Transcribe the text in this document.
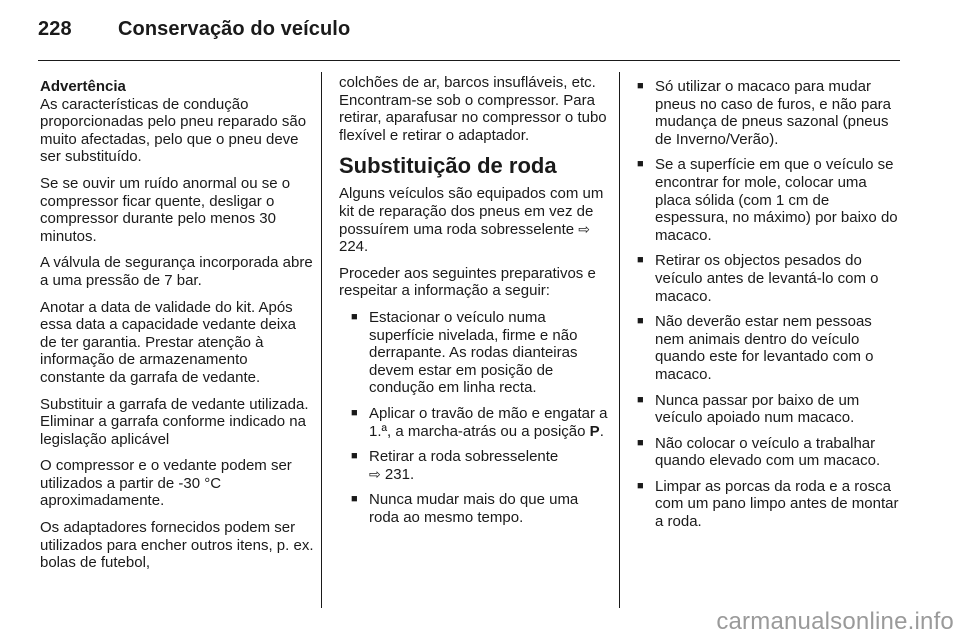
228 Conservação do veículo

Advertência
As características de condução proporcionadas pelo pneu reparado são muito afectadas, pelo que o pneu deve ser substituído.

Se se ouvir um ruído anormal ou se o compressor ficar quente, desligar o compressor durante pelo menos 30 minutos.

A válvula de segurança incorporada abre a uma pressão de 7 bar.

Anotar a data de validade do kit. Após essa data a capacidade vedante deixa de ter garantia. Prestar atenção à informação de armazenamento constante da garrafa de vedante.

Substituir a garrafa de vedante utilizada. Eliminar a garrafa conforme indicado na legislação aplicável

O compressor e o vedante podem ser utilizados a partir de -30 °C aproximadamente.

Os adaptadores fornecidos podem ser utilizados para encher outros itens, p. ex. bolas de futebol,

colchões de ar, barcos insufláveis, etc. Encontram-se sob o compressor. Para retirar, aparafusar no compressor o tubo flexível e retirar o adaptador.

Substituição de roda

Alguns veículos são equipados com um kit de reparação dos pneus em vez de possuírem uma roda sobresselente ⇨ 224.

Proceder aos seguintes preparativos e respeitar a informação a seguir:

■ Estacionar o veículo numa superfície nivelada, firme e não derrapante. As rodas dianteiras devem estar em posição de condução em linha recta.
■ Aplicar o travão de mão e engatar a 1.ª, a marcha-atrás ou a posição P.
■ Retirar a roda sobresselente
⇨ 231.
■ Nunca mudar mais do que uma roda ao mesmo tempo.
■ Só utilizar o macaco para mudar pneus no caso de furos, e não para mudança de pneus sazonal (pneus de Inverno/Verão).
■ Se a superfície em que o veículo se encontrar for mole, colocar uma placa sólida (com 1 cm de espessura, no máximo) por baixo do macaco.
■ Retirar os objectos pesados do veículo antes de levantá-lo com o macaco.
■ Não deverão estar nem pessoas nem animais dentro do veículo quando este for levantado com o macaco.
■ Nunca passar por baixo de um veículo apoiado num macaco.
■ Não colocar o veículo a trabalhar quando elevado com um macaco.
■ Limpar as porcas da roda e a rosca com um pano limpo antes de montar a roda.
carmanualsonline.info
